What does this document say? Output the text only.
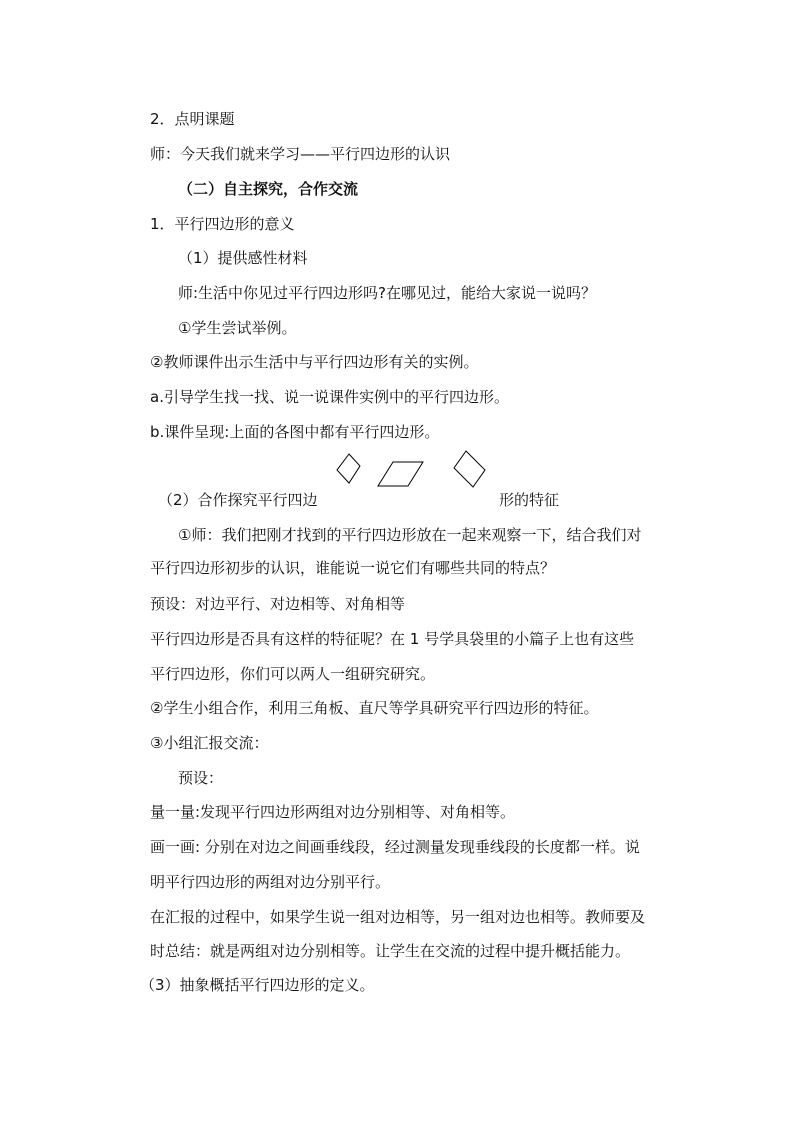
2．点明课题
师：今天我们就来学习——平行四边形的认识
（二）自主探究，合作交流
1．平行四边形的意义
（1）提供感性材料
师:生活中你见过平行四边形吗?在哪见过，能给大家说一说吗？
①学生尝试举例。
②教师课件出示生活中与平行四边形有关的实例。
a.引导学生找一找、说一说课件实例中的平行四边形。
b.课件呈现:上面的各图中都有平行四边形。
（2）合作探究平行四边	形的特征
①师：我们把刚才找到的平行四边形放在一起来观察一下，结合我们对
平行四边形初步的认识，谁能说一说它们有哪些共同的特点？
预设：对边平行、对边相等、对角相等
平行四边形是否具有这样的特征呢？在 1 号学具袋里的小篇子上也有这些
平行四边形，你们可以两人一组研究研究。
②学生小组合作，利用三角板、直尺等学具研究平行四边形的特征。
③小组汇报交流：
预设：
量一量:发现平行四边形两组对边分别相等、对角相等。
画一画: 分别在对边之间画垂线段，经过测量发现垂线段的长度都一样。说
明平行四边形的两组对边分别平行。
在汇报的过程中，如果学生说一组对边相等，另一组对边也相等。教师要及
时总结：就是两组对边分别相等。让学生在交流的过程中提升概括能力。
（3）抽象概括平行四边形的定义。
